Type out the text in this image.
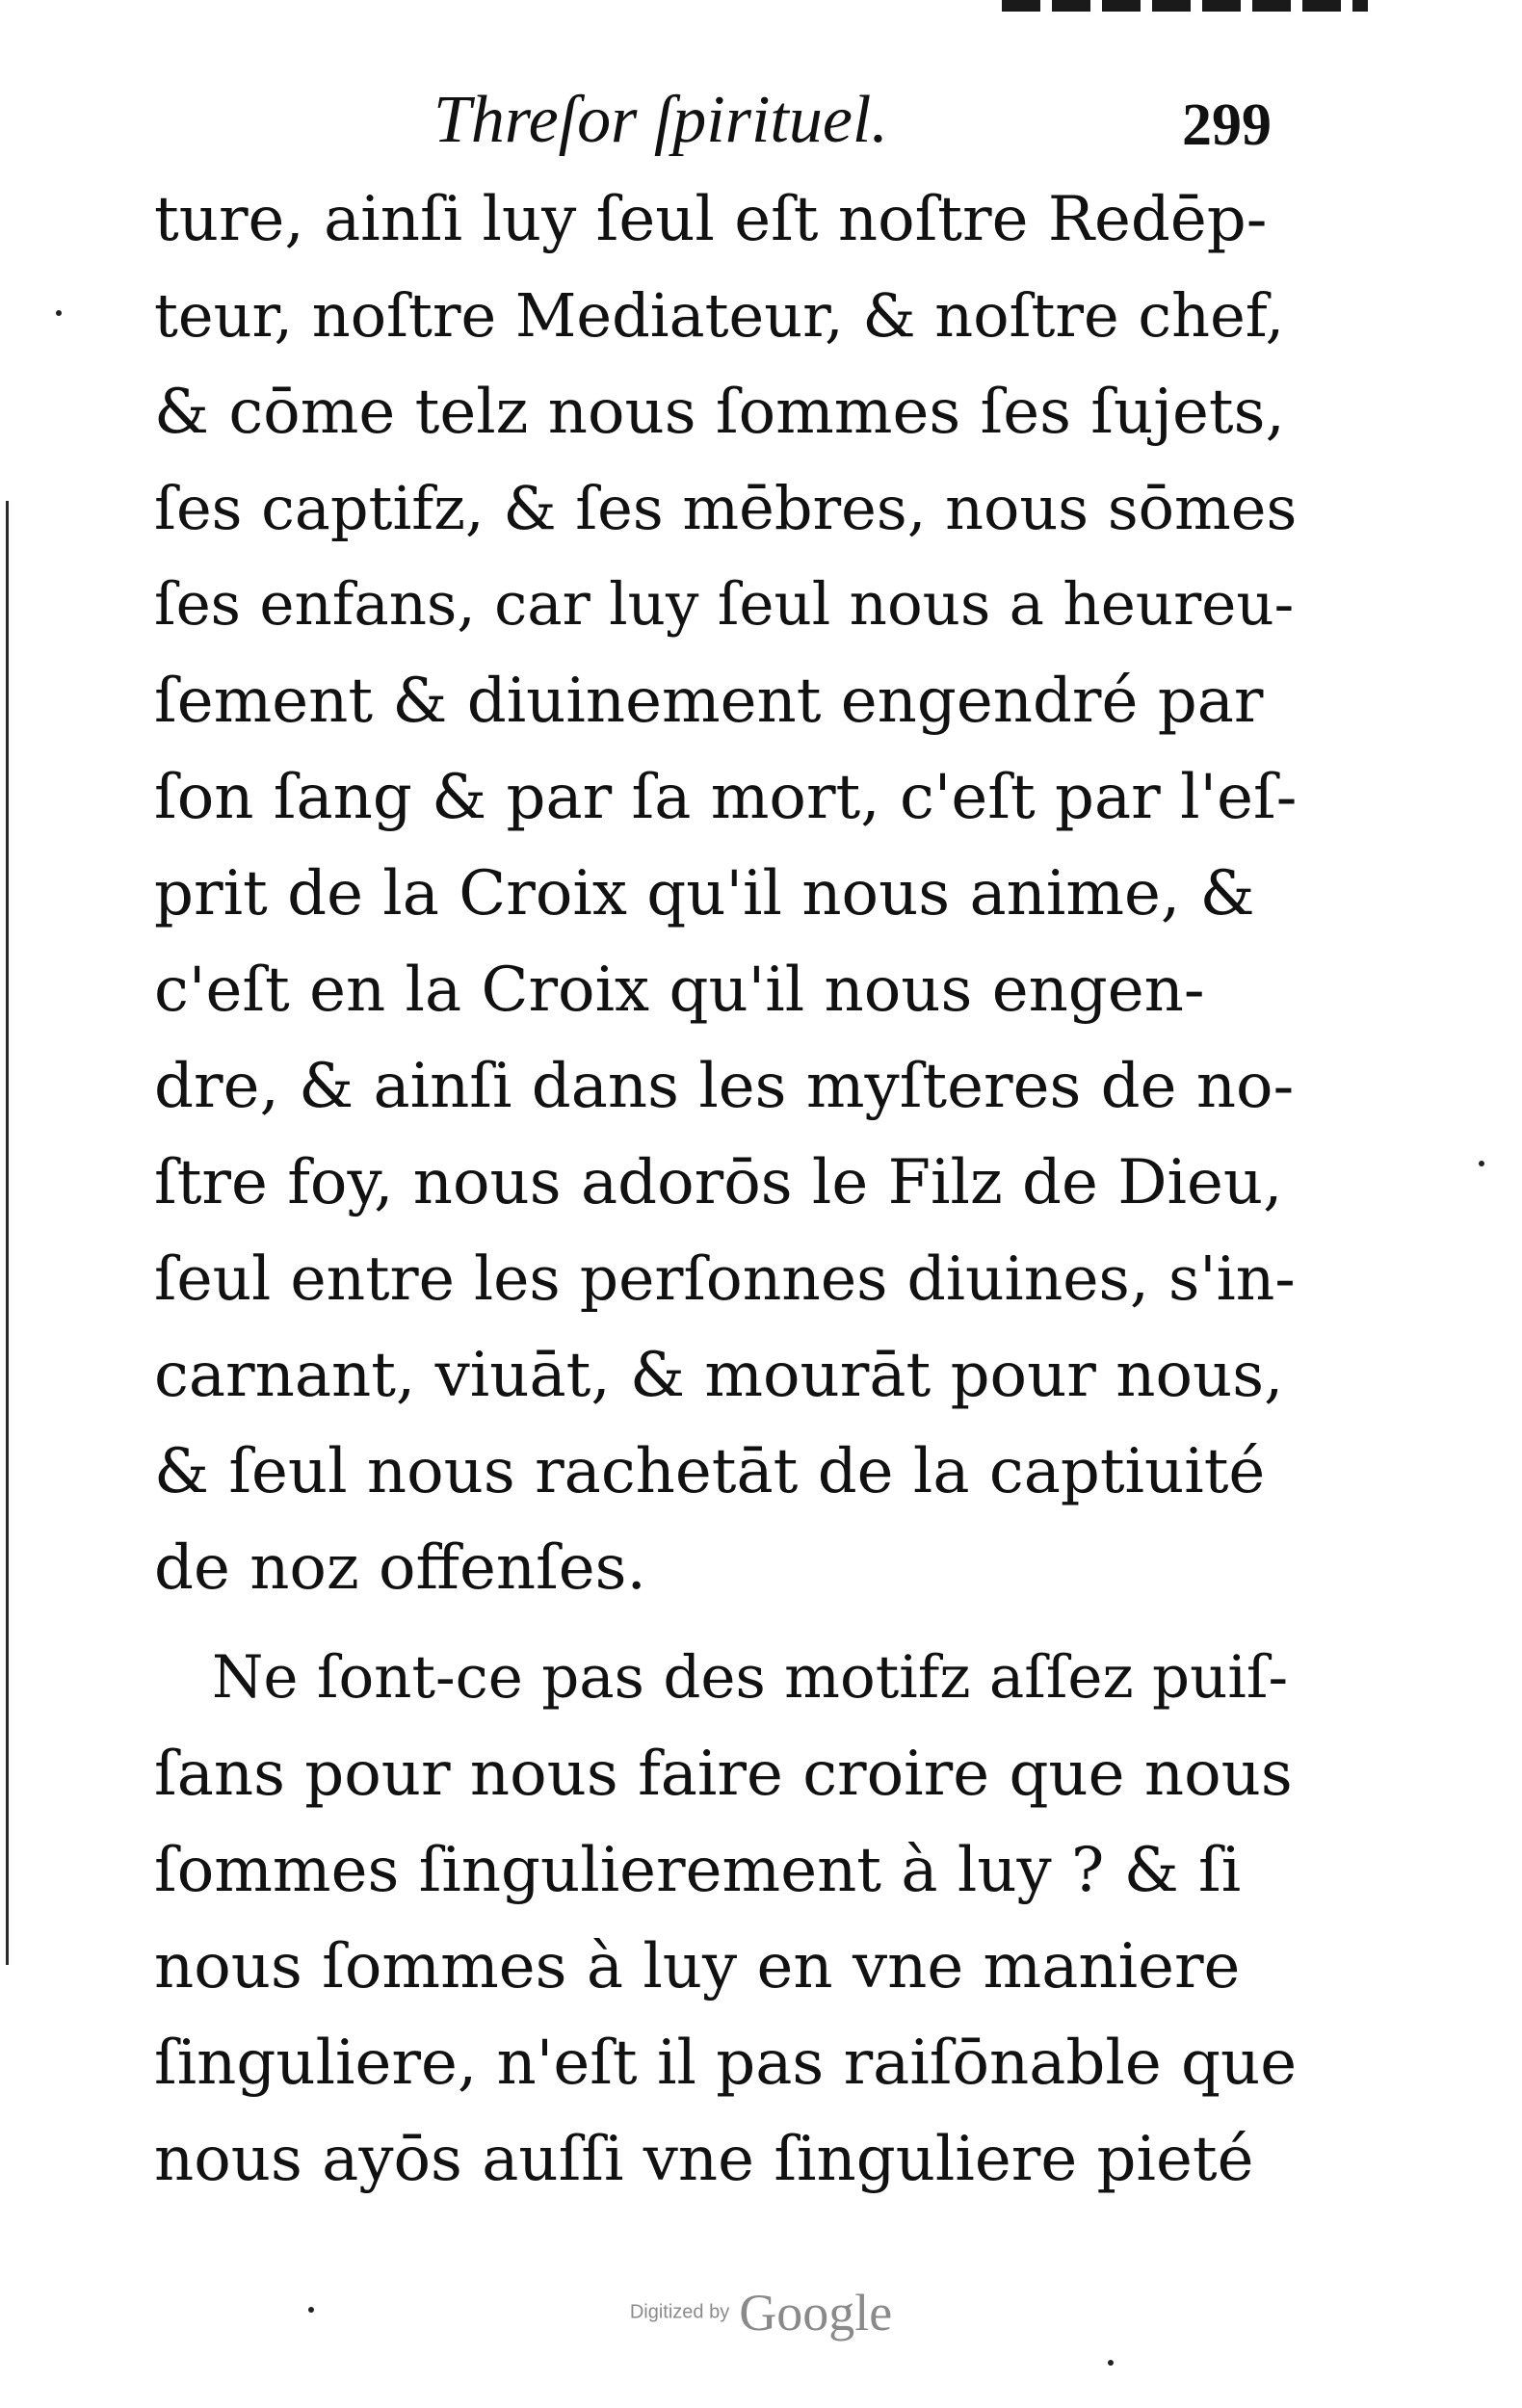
Threſor ſpirituel.	299
ture, ainſi luy ſeul eſt noſtre Redēp-
teur, noſtre Mediateur, & noſtre chef,
& cōme telz nous ſommes ſes ſujets,
ſes captifz, & ſes mēbres, nous sōmes
ſes enfans, car luy ſeul nous a heureu-
ſement & diuinement engendré par
ſon ſang & par ſa mort, c'eſt par l'eſ-
prit de la Croix qu'il nous anime, &
c'eſt en la Croix qu'il nous engen-
dre, & ainſi dans les myſteres de no-
ſtre foy, nous adorōs le Filz de Dieu,
ſeul entre les perſonnes diuines, s'in-
carnant, viuāt, & mourāt pour nous,
& ſeul nous rachetāt de la captiuité
de noz offenſes.
Ne ſont-ce pas des motifz aſſez puiſ-
ſans pour nous faire croire que nous
ſommes ſingulierement à luy ? & ſi
nous ſommes à luy en vne maniere
ſinguliere, n'eſt il pas raiſōnable que
nous ayōs auſſi vne ſinguliere pieté
Digitized by Google
